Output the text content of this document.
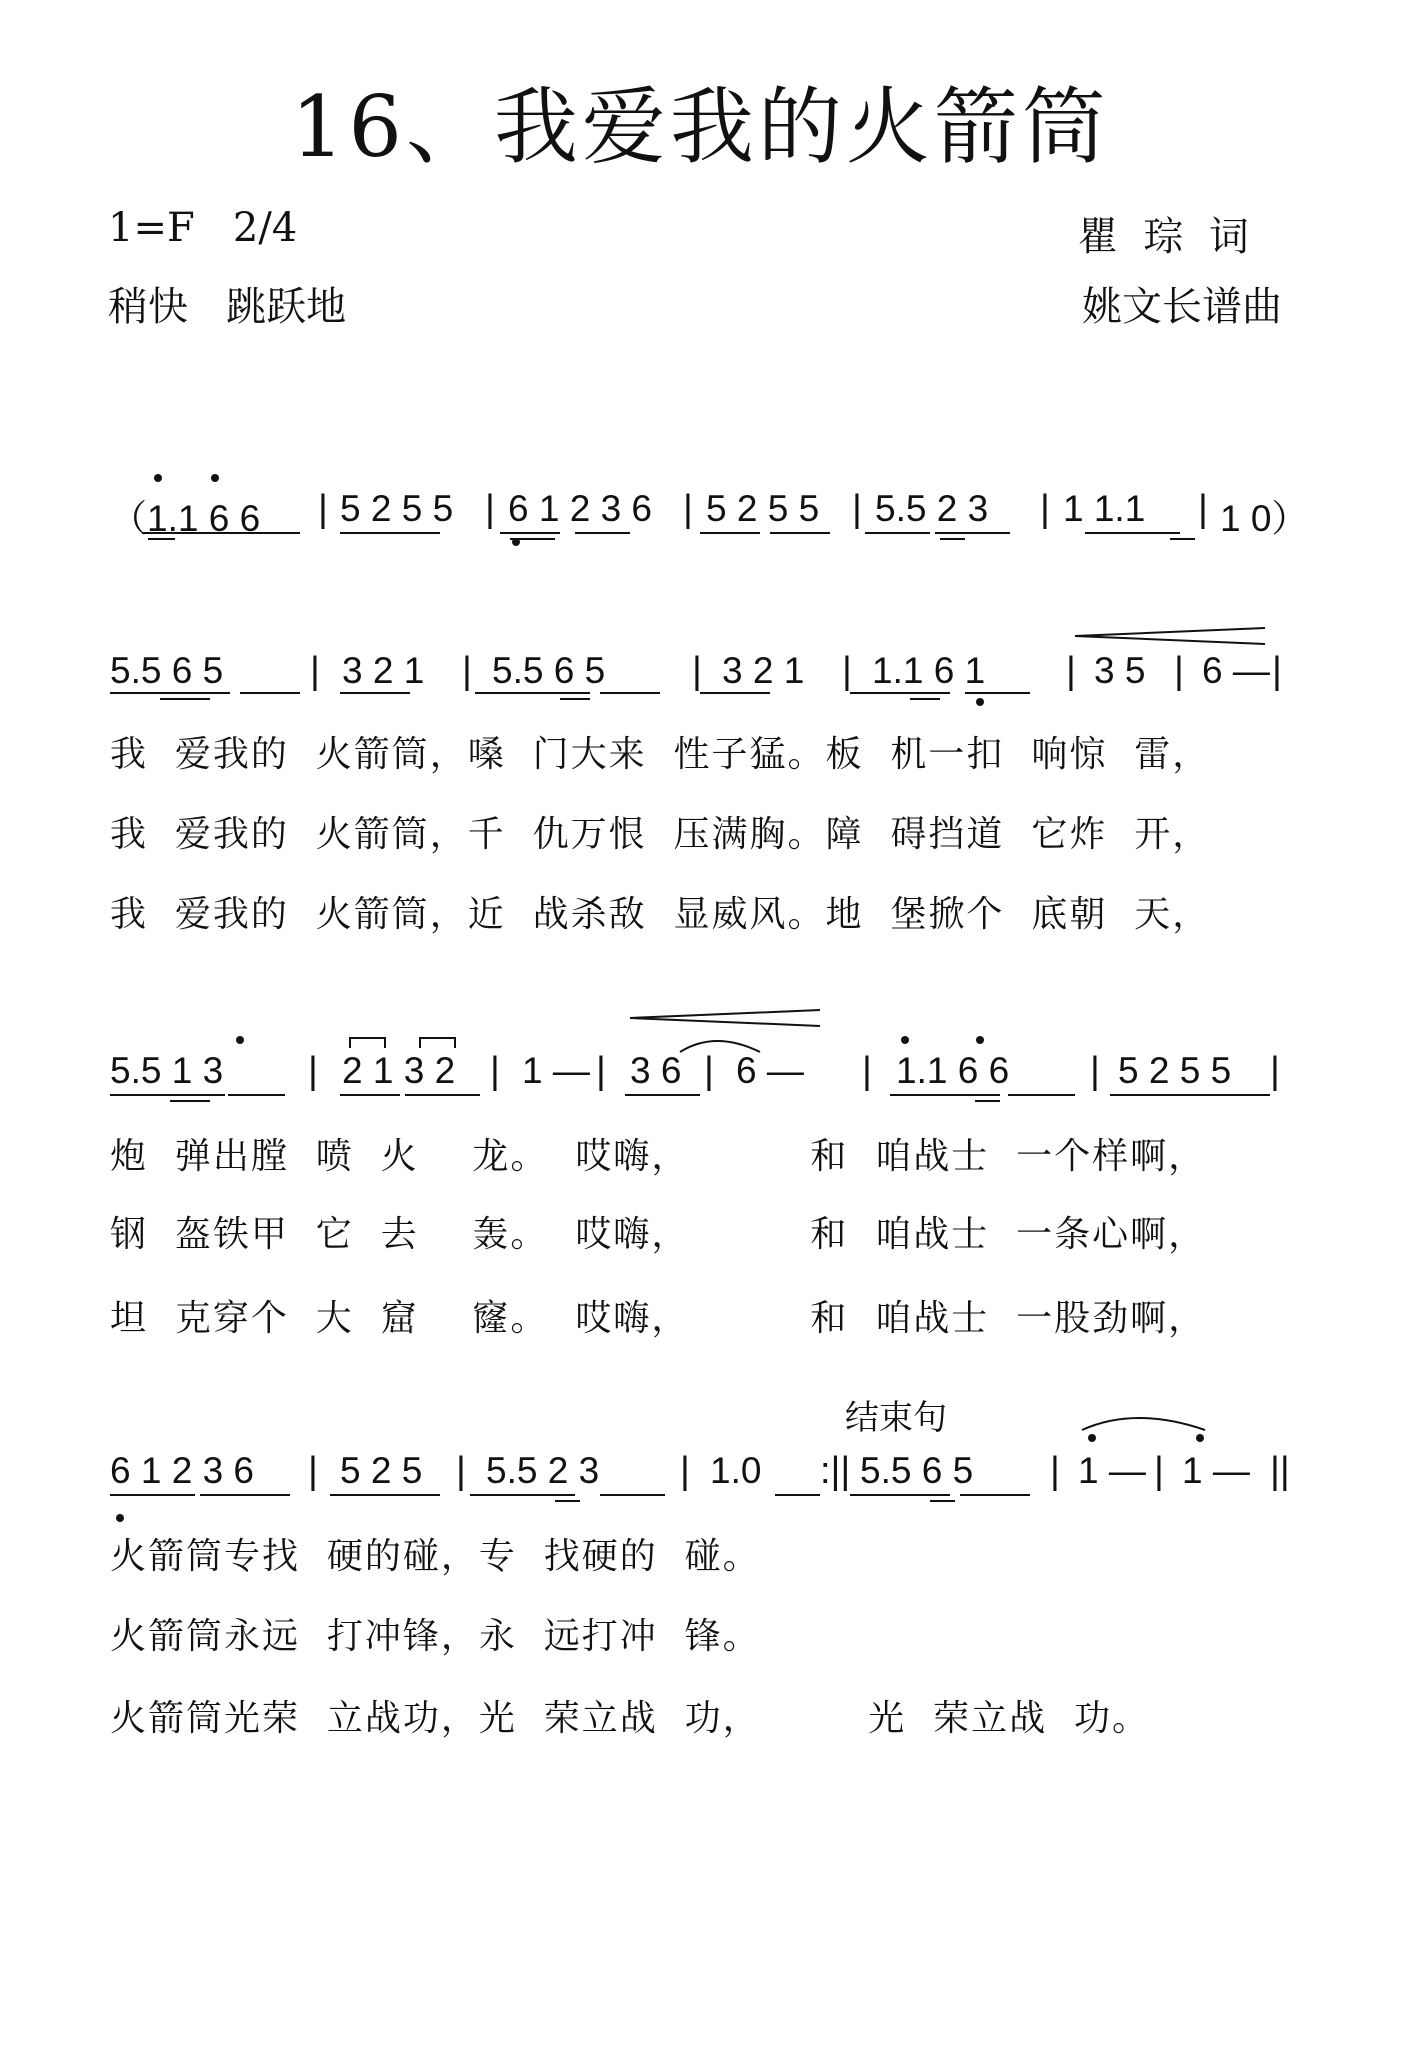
16、我爱我的火箭筒
1=F   2/4
稍快   跳跃地
瞿  琮  词
姚文长谱曲

（1.1 6 6

|

5 2 5 5

|

6 1 2 3 6

|

5 2 5 5

|

5.5 2 3

|

1 1.1

|

1 0）

5.5 6 5

|

3 2 1

|

5.5 6 5

|

3 2 1

|

1.1 6 1

|

3 5

|

6 —

|

我  爱我的  火箭筒，嗓  门大来  性子猛。板  机一扣  响惊  雷，
我  爱我的  火箭筒，千  仇万恨  压满胸。障  碍挡道  它炸  开，
我  爱我的  火箭筒，近  战杀敌  显威风。地  堡掀个  底朝  天，

5.5 1 3

|

2 1 3 2

|

1 —

|

3 6

|

6 —

|

1.1 6 6

|

5 2 5 5

|

炮  弹出膛  喷  火    龙。  哎嗨，         和  咱战士  一个样啊，
钢  盔铁甲  它  去    轰。  哎嗨，         和  咱战士  一条心啊，
坦  克穿个  大  窟    窿。  哎嗨，         和  咱战士  一股劲啊，
结束句

6 1 2 3 6

|

5 2 5

|

5.5 2 3

|

1.0

:||

5.5 6 5

|

1 —

|

1 —

||

火箭筒专找  硬的碰，专  找硬的  碰。
火箭筒永远  打冲锋，永  远打冲  锋。
火箭筒光荣  立战功，光  荣立战  功，        光  荣立战  功。
